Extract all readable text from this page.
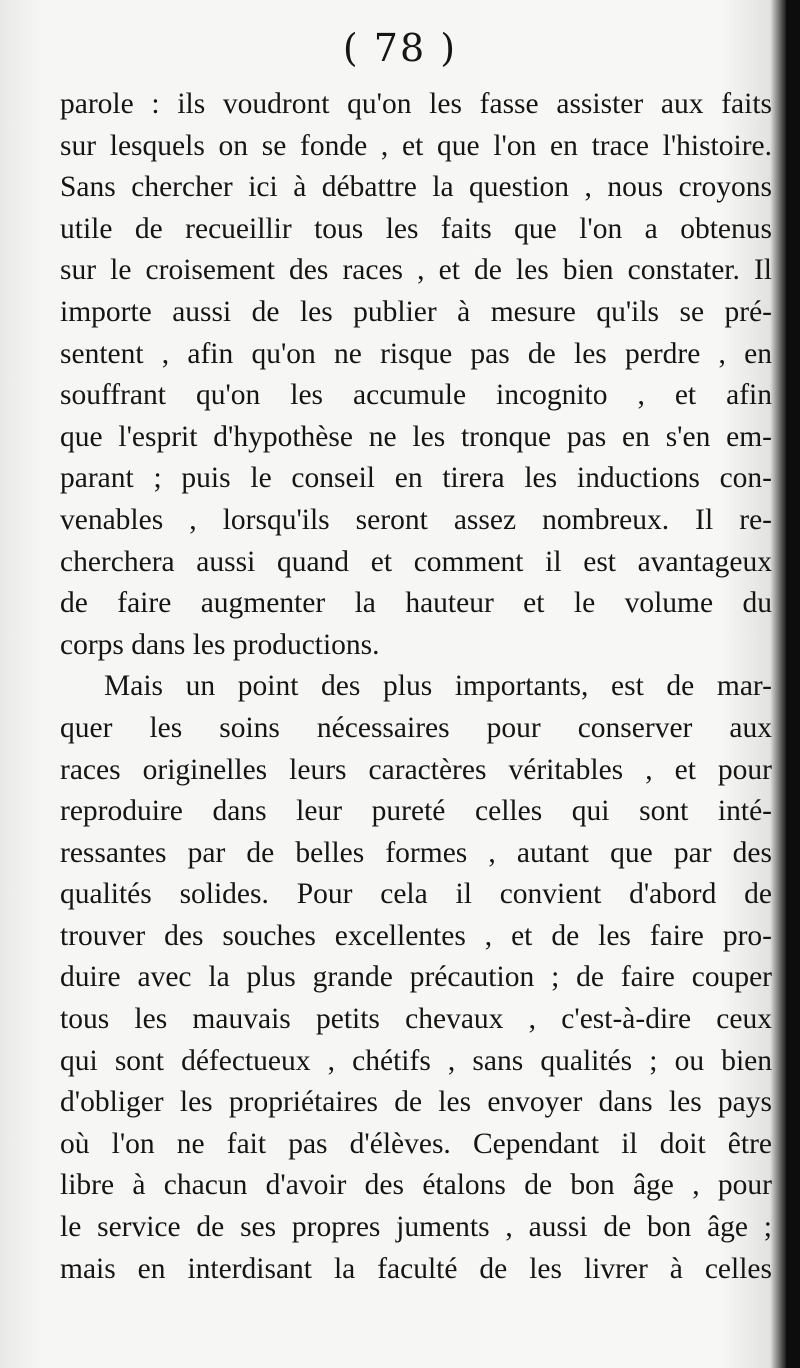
( 78 )
parole : ils voudront qu'on les fasse assister aux faits
sur lesquels on se fonde , et que l'on en trace l'histoire.
Sans chercher ici à débattre la question , nous croyons
utile de recueillir tous les faits que l'on a obtenus
sur le croisement des races , et de les bien constater. Il
importe aussi de les publier à mesure qu'ils se pré-
sentent , afin qu'on ne risque pas de les perdre , en
souffrant qu'on les accumule incognito , et afin
que l'esprit d'hypothèse ne les tronque pas en s'en em-
parant ; puis le conseil en tirera les inductions con-
venables , lorsqu'ils seront assez nombreux. Il re-
cherchera aussi quand et comment il est avantageux
de faire augmenter la hauteur et le volume du
corps dans les productions.
Mais un point des plus importants, est de mar-
quer les soins nécessaires pour conserver aux
races originelles leurs caractères véritables , et pour
reproduire dans leur pureté celles qui sont inté-
ressantes par de belles formes , autant que par des
qualités solides. Pour cela il convient d'abord de
trouver des souches excellentes , et de les faire pro-
duire avec la plus grande précaution ; de faire couper
tous les mauvais petits chevaux , c'est-à-dire ceux
qui sont défectueux , chétifs , sans qualités ; ou bien
d'obliger les propriétaires de les envoyer dans les pays
où l'on ne fait pas d'élèves. Cependant il doit être
libre à chacun d'avoir des étalons de bon âge , pour
le service de ses propres juments , aussi de bon âge ;
mais en interdisant la faculté de les livrer à celles
